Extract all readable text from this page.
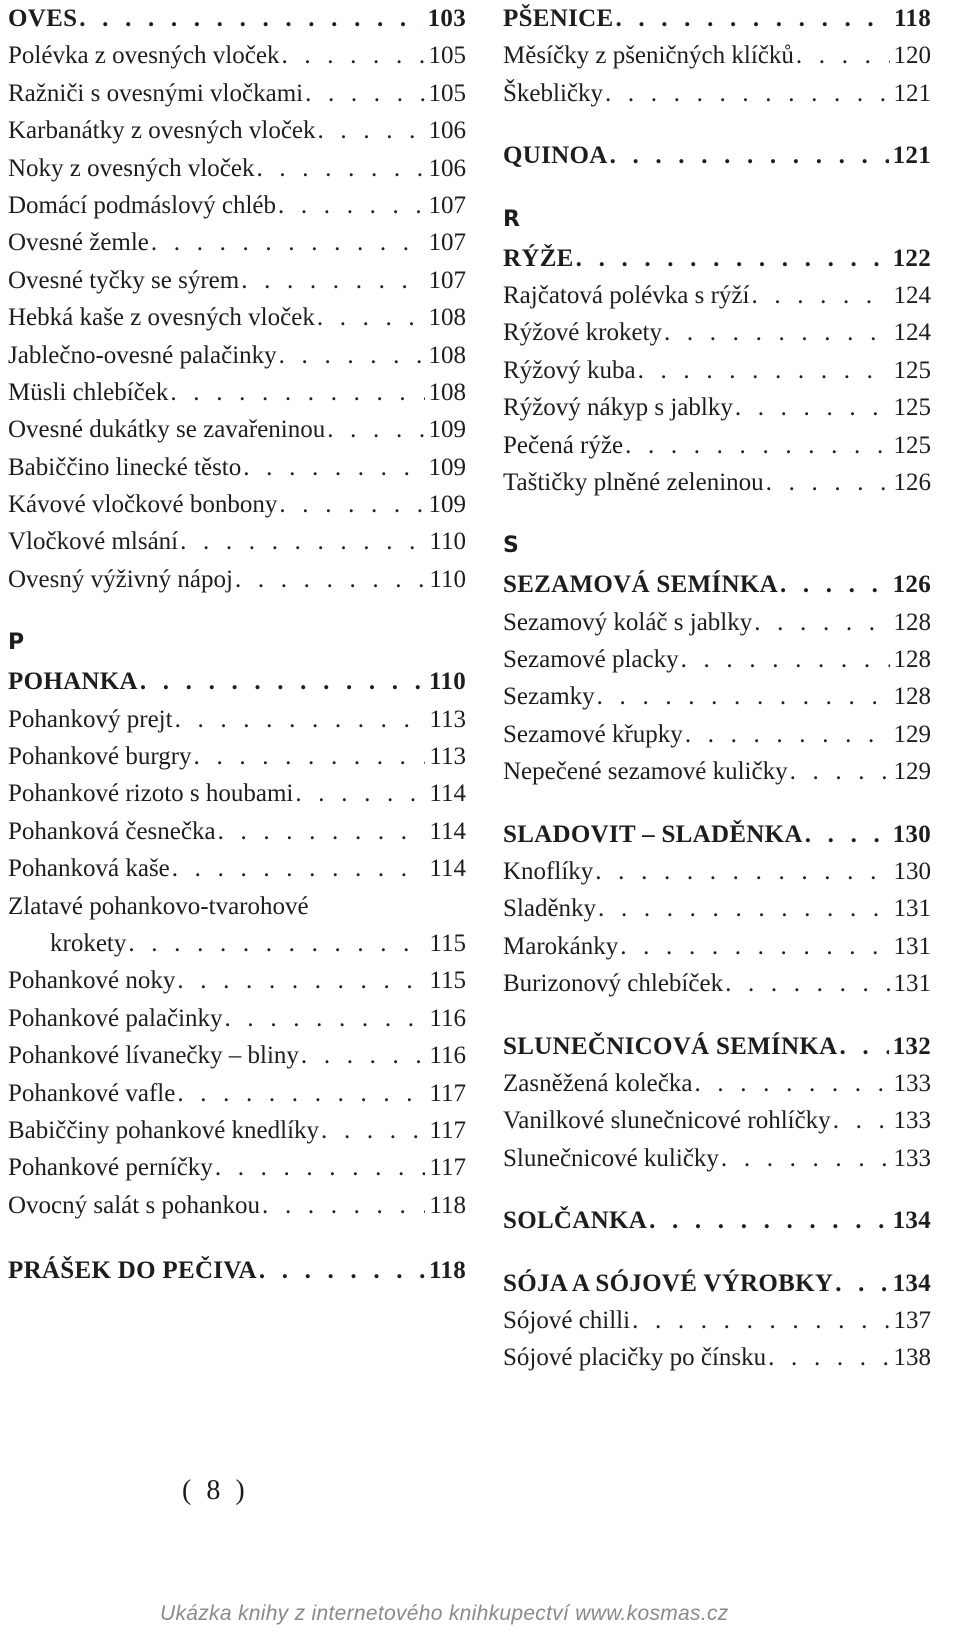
OVES . . .	103
Polévka z ovesných vloček . . .	105
Ražniči s ovesnými vločkami . . .	105
Karbanátky z ovesných vloček . . .	106
Noky z ovesných vloček . . .	106
Domácí podmáslový chléb . . .	107
Ovesné žemle . . .	107
Ovesné tyčky se sýrem . . .	107
Hebká kaše z ovesných vloček . . .	108
Jablečno-ovesné palačinky . . .	108
Müsli chlebíček . . .	108
Ovesné dukátky se zavařeninou . . .	109
Babiččino linecké těsto . . .	109
Kávové vločkové bonbony . . .	109
Vločkové mlsání . . .	110
Ovesný výživný nápoj . . .	110
P
POHANKA . . .	110
Pohankový prejt . . .	113
Pohankové burgry . . .	113
Pohankové rizoto s houbami . . .	114
Pohanková česnečka . . .	114
Pohanková kaše . . .	114
Zlatavé pohankovo-tvarohové
krokety . . .	115
Pohankové noky . . .	115
Pohankové palačinky . . .	116
Pohankové lívanečky – bliny . . .	116
Pohankové vafle . . .	117
Babiččiny pohankové knedlíky . . .	117
Pohankové perníčky . . .	117
Ovocný salát s pohankou . . .	118
PRÁŠEK DO PEČIVA . . .	118
PŠENICE . . .	118
Měsíčky z pšeničných klíčků . . .	120
Škebličky . . .	121
QUINOA . . .	121
R
RÝŽE . . .	122
Rajčatová polévka s rýží . . .	124
Rýžové krokety . . .	124
Rýžový kuba . . .	125
Rýžový nákyp s jablky . . .	125
Pečená rýže . . .	125
Taštičky plněné zeleninou . . .	126
S
SEZAMOVÁ SEMÍNKA . . .	126
Sezamový koláč s jablky . . .	128
Sezamové placky . . .	128
Sezamky . . .	128
Sezamové křupky . . .	129
Nepečené sezamové kuličky . . .	129
SLADOVIT – SLADĚNKA . . .	130
Knoflíky . . .	130
Sladěnky . . .	131
Marokánky . . .	131
Burizonový chlebíček . . .	131
SLUNEČNICOVÁ SEMÍNKA . . . 132
Zasněžená kolečka . . .	133
Vanilkové slunečnicové rohlíčky . . .	133
Slunečnicové kuličky . . .	133
SOLČANKA . . .	134
SÓJA A SÓJOVÉ VÝROBKY . . . 134
Sójové chilli . . .	137
Sójové placičky po čínsku . . .	138
( 8 )
Ukázka knihy z internetového knihkupectví www.kosmas.cz
